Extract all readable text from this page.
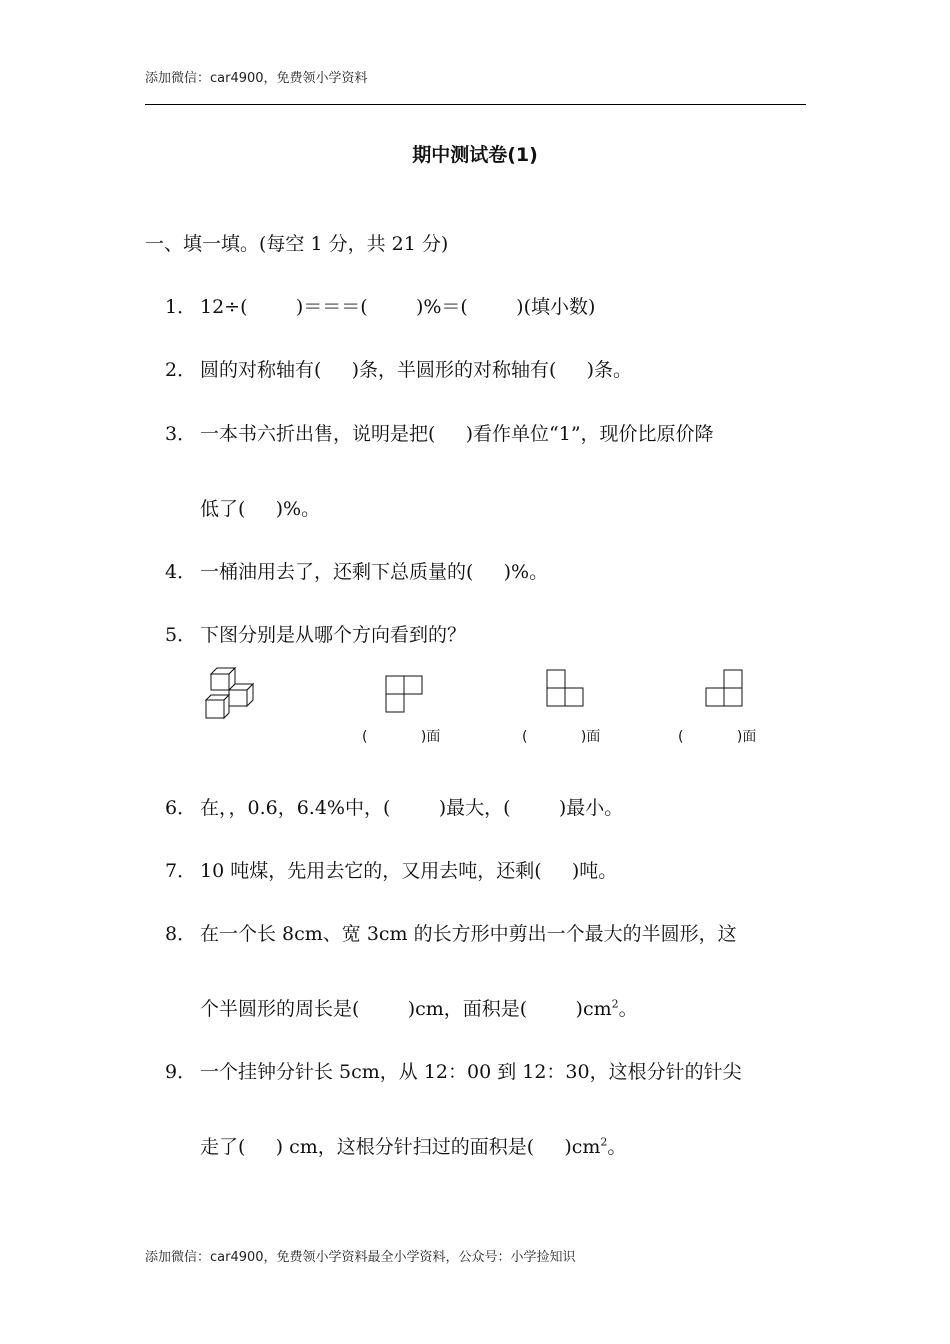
添加微信：car4900，免费领小学资料
期中测试卷(1)
一、填一填。(每空 1 分，共 21 分)
1． 12÷(        )＝＝＝(        )%＝(        )(填小数)
2． 圆的对称轴有(     )条，半圆形的对称轴有(     )条。
3． 一本书六折出售，说明是把(     )看作单位“1”，现价比原价降
低了(     )%。
4． 一桶油用去了，还剩下总质量的(     )%。
5． 下图分别是从哪个方向看到的？
(            )面	(            )面	(            )面
6． 在，，0.6，6.4%中，(        )最大，(        )最小。
7． 10 吨煤，先用去它的，又用去吨，还剩(     )吨。
8． 在一个长 8cm、宽 3cm 的长方形中剪出一个最大的半圆形，这
个半圆形的周长是(        )cm，面积是(        )$cm^2$。
9． 一个挂钟分针长 5cm，从 12：00 到 12：30，这根分针的针尖
走了(     ) cm，这根分针扫过的面积是(     )$cm^2$。
添加微信：car4900，免费领小学资料最全小学资料，公众号：小学捡知识
